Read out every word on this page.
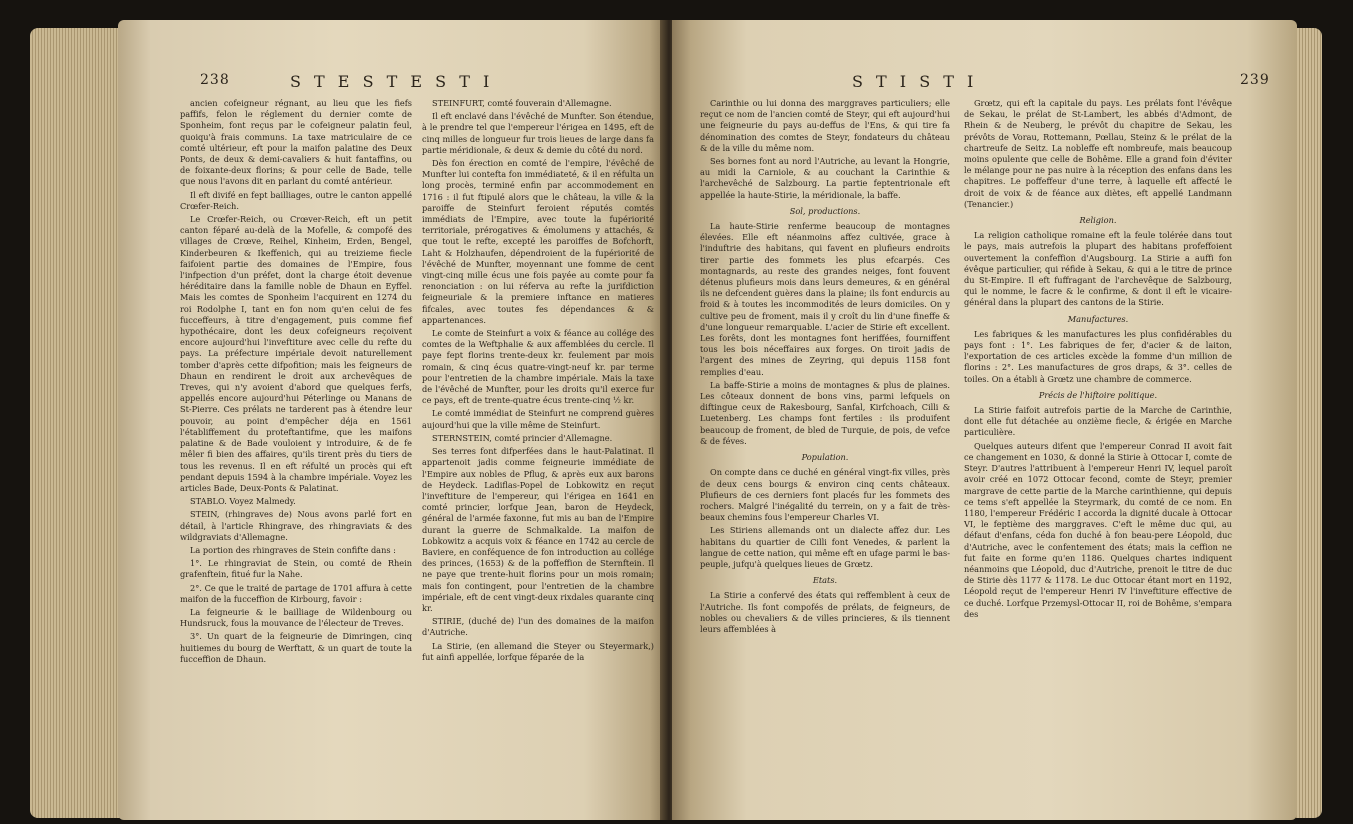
238	S T E S T E S T I

ancien cofeigneur régnant, au lieu que les fiefs paffifs, felon le réglement du dernier comte de Sponheim, font reçus par le cofeigneur palatin feul, quoiqu'à frais communs. La taxe matriculaire de ce comté ultérieur, eft pour la maifon palatine des Deux Ponts, de deux & demi-cavaliers & huit fantaffins, ou de foixante-deux florins; & pour celle de Bade, telle que nous l'avons dit en parlant du comté antérieur.

Il eft divifé en fept bailliages, outre le canton appellé Crœfer-Reich.

Le Crœfer-Reich, ou Crœver-Reich, eft un petit canton féparé au-delà de la Mofelle, & compofé des villages de Crœve, Reihel, Kinheim, Erden, Bengel, Kinderbeuren & Ikeffenich, qui au treizieme fiecle faifoient partie des domaines de l'Empire, fous l'infpection d'un préfet, dont la charge étoit devenue héréditaire dans la famille noble de Dhaun en Eyffel. Mais les comtes de Sponheim l'acquirent en 1274 du roi Rodolphe I, tant en fon nom qu'en celui de fes fucceffeurs, à titre d'engagement, puis comme fief hypothécaire, dont les deux cofeigneurs reçoivent encore aujourd'hui l'inveftiture avec celle du refte du pays. La préfecture impériale devoit naturellement tomber d'après cette difpofition; mais les feigneurs de Dhaun en rendirent le droit aux archevêques de Treves, qui n'y avoient d'abord que quelques ferfs, appellés encore aujourd'hui Péterlinge ou Manans de St-Pierre. Ces prélats ne tarderent pas à étendre leur pouvoir, au point d'empêcher déja en 1561 l'établiffement du proteftantifme, que les maifons palatine & de Bade vouloient y introduire, & de fe mêler fi bien des affaires, qu'ils tirent près du tiers de tous les revenus. Il en eft réfulté un procès qui eft pendant depuis 1594 à la chambre impériale. Voyez les articles Bade, Deux-Ponts & Palatinat.

STABLO. Voyez Malmedy.

STEIN, (rhingraves de) Nous avons parlé fort en détail, à l'article Rhingrave, des rhingraviats & des wildgraviats d'Allemagne.

La portion des rhingraves de Stein confifte dans :

1°. Le rhingraviat de Stein, ou comté de Rhein grafenftein, fitué fur la Nahe.

2°. Ce que le traité de partage de 1701 affura à cette maifon de la fucceffion de Kirbourg, favoir :

La feigneurie & le bailliage de Wildenbourg ou Hundsruck, fous la mouvance de l'électeur de Treves.

3°. Un quart de la feigneurie de Dimringen, cinq huitiemes du bourg de Werftatt, & un quart de toute la fucceffion de Dhaun.

STEINFURT, comté fouverain d'Allemagne.

Il eft enclavé dans l'évêché de Munfter. Son étendue, à le prendre tel que l'empereur l'érigea en 1495, eft de cinq milles de longueur fur trois lieues de large dans fa partie méridionale, & deux & demie du côté du nord.

Dès fon érection en comté de l'empire, l'évêché de Munfter lui contefta fon immédiateté, & il en réfulta un long procès, terminé enfin par accommodement en 1716 : il fut ftipulé alors que le château, la ville & la paroiffe de Steinfurt feroient réputés comtés immédiats de l'Empire, avec toute la fupériorité territoriale, prérogatives & émolumens y attachés, & que tout le refte, excepté les paroiffes de Bofchorft, Laht & Holzhaufen, dépendroient de la fupériorité de l'évêché de Munfter, moyennant une fomme de cent vingt-cinq mille écus une fois payée au comte pour fa renonciation : on lui réferva au refte la jurifdiction feigneuriale & la premiere inftance en matieres fifcales, avec toutes fes dépendances & & appartenances.

Le comte de Steinfurt a voix & féance au collége des comtes de la Weftphalie & aux affemblées du cercle. Il paye fept florins trente-deux kr. feulement par mois romain, & cinq écus quatre-vingt-neuf kr. par terme pour l'entretien de la chambre impériale. Mais la taxe de l'évêché de Munfter, pour les droits qu'il exerce fur ce pays, eft de trente-quatre écus trente-cinq ½ kr.

Le comté immédiat de Steinfurt ne comprend guères aujourd'hui que la ville même de Steinfurt.

STERNSTEIN, comté princier d'Allemagne.

Ses terres font difperfées dans le haut-Palatinat. Il appartenoit jadis comme feigneurie immédiate de l'Empire aux nobles de Pflug, & après eux aux barons de Heydeck. Ladiflas-Popel de Lobkowitz en reçut l'inveftiture de l'empereur, qui l'érigea en 1641 en comté princier, lorfque Jean, baron de Heydeck, général de l'armée faxonne, fut mis au ban de l'Empire durant la guerre de Schmalkalde. La maifon de Lobkowitz a acquis voix & féance en 1742 au cercle de Baviere, en conféquence de fon introduction au collége des princes, (1653) & de la poffeffion de Sternftein. Il ne paye que trente-huit florins pour un mois romain; mais fon contingent, pour l'entretien de la chambre impériale, eft de cent vingt-deux rixdales quarante cinq kr.

STIRIE, (duché de) l'un des domaines de la maifon d'Autriche.

La Stirie, (en allemand die Steyer ou Steyermark,) fut ainfi appellée, lorfque féparée de la

S T I S T I	239

Carinthie ou lui donna des marggraves particuliers; elle reçut ce nom de l'ancien comté de Steyr, qui eft aujourd'hui une feigneurie du pays au-deffus de l'Ens, & qui tire fa dénomination des comtes de Steyr, fondateurs du château & de la ville du même nom.

Ses bornes font au nord l'Autriche, au levant la Hongrie, au midi la Carniole, & au couchant la Carinthie & l'archevêché de Salzbourg. La partie feptentrionale eft appellée la haute-Stirie, la méridionale, la baffe.

Sol, productions.

La haute-Stirie renferme beaucoup de montagnes élevées. Elle eft néanmoins affez cultivée, grace à l'induftrie des habitans, qui favent en plufieurs endroits tirer partie des fommets les plus efcarpés. Ces montagnards, au reste des grandes neiges, font fouvent détenus plufieurs mois dans leurs demeures, & en général ils ne defcendent guères dans la plaine; ils font endurcis au froid & à toutes les incommodités de leurs domiciles. On y cultive peu de froment, mais il y croît du lin d'une fineffe & d'une longueur remarquable. L'acier de Stirie eft excellent. Les forêts, dont les montagnes font heriffées, fourniffent tous les bois néceffaires aux forges. On tiroit jadis de l'argent des mines de Zeyring, qui depuis 1158 font remplies d'eau.

La baffe-Stirie a moins de montagnes & plus de plaines. Les côteaux donnent de bons vins, parmi lefquels on diftingue ceux de Rakesbourg, Sanfal, Kirfchoach, Cilli & Luetenberg. Les champs font fertiles : ils produifent beaucoup de froment, de bled de Turquie, de pois, de vefce & de féves.

Population.

On compte dans ce duché en général vingt-fix villes, près de deux cens bourgs & environ cinq cents châteaux. Plufieurs de ces derniers font placés fur les fommets des rochers. Malgré l'inégalité du terrein, on y a fait de très-beaux chemins fous l'empereur Charles VI.

Les Stiriens allemands ont un dialecte affez dur. Les habitans du quartier de Cilli font Venedes, & parlent la langue de cette nation, qui même eft en ufage parmi le bas-peuple, jufqu'à quelques lieues de Grœtz.

Etats.

La Stirie a confervé des états qui reffemblent à ceux de l'Autriche. Ils font compofés de prélats, de feigneurs, de nobles ou chevaliers & de villes princieres, & ils tiennent leurs affemblées à

Grœtz, qui eft la capitale du pays. Les prélats font l'évêque de Sekau, le prélat de St-Lambert, les abbés d'Admont, de Rhein & de Neuberg, le prévôt du chapitre de Sekau, les prévôts de Vorau, Rottemann, Pœllau, Steinz & le prélat de la chartreufe de Seitz. La nobleffe eft nombreufe, mais beaucoup moins opulente que celle de Bohême. Elle a grand foin d'éviter le mélange pour ne pas nuire à la réception des enfans dans les chapitres. Le poffeffeur d'une terre, à laquelle eft affecté le droit de voix & de féance aux diètes, eft appellé Landmann (Tenancier.)

Religion.

La religion catholique romaine eft la feule tolérée dans tout le pays, mais autrefois la plupart des habitans profeffoient ouvertement la confeffion d'Augsbourg. La Stirie a auffi fon évêque particulier, qui réfide à Sekau, & qui a le titre de prince du St-Empire. Il eft fuffragant de l'archevêque de Salzbourg, qui le nomme, le facre & le confirme, & dont il eft le vicaire-général dans la plupart des cantons de la Stirie.

Manufactures.

Les fabriques & les manufactures les plus confidérables du pays font : 1°. Les fabriques de fer, d'acier & de laiton, l'exportation de ces articles excède la fomme d'un million de florins : 2°. Les manufactures de gros draps, & 3°. celles de toiles. On a établi à Grœtz une chambre de commerce.

Précis de l'hiftoire politique.

La Stirie faifoit autrefois partie de la Marche de Carinthie, dont elle fut détachée au onzième fiecle, & érigée en Marche particulière.

Quelques auteurs difent que l'empereur Conrad II avoit fait ce changement en 1030, & donné la Stirie à Ottocar I, comte de Steyr. D'autres l'attribuent à l'empereur Henri IV, lequel paroît avoir créé en 1072 Ottocar fecond, comte de Steyr, premier margrave de cette partie de la Marche carinthienne, qui depuis ce tems s'eft appellée la Steyrmark, du comté de ce nom. En 1180, l'empereur Frédéric I accorda la dignité ducale à Ottocar VI, le feptième des marggraves. C'eft le même duc qui, au défaut d'enfans, céda fon duché à fon beau-pere Léopold, duc d'Autriche, avec le confentement des états; mais la ceffion ne fut faite en forme qu'en 1186. Quelques chartes indiquent néanmoins que Léopold, duc d'Autriche, prenoit le titre de duc de Stirie dès 1177 & 1178. Le duc Ottocar étant mort en 1192, Léopold reçut de l'empereur Henri IV l'inveftiture effective de ce duché. Lorfque Przemysl-Ottocar II, roi de Bohême, s'empara des
